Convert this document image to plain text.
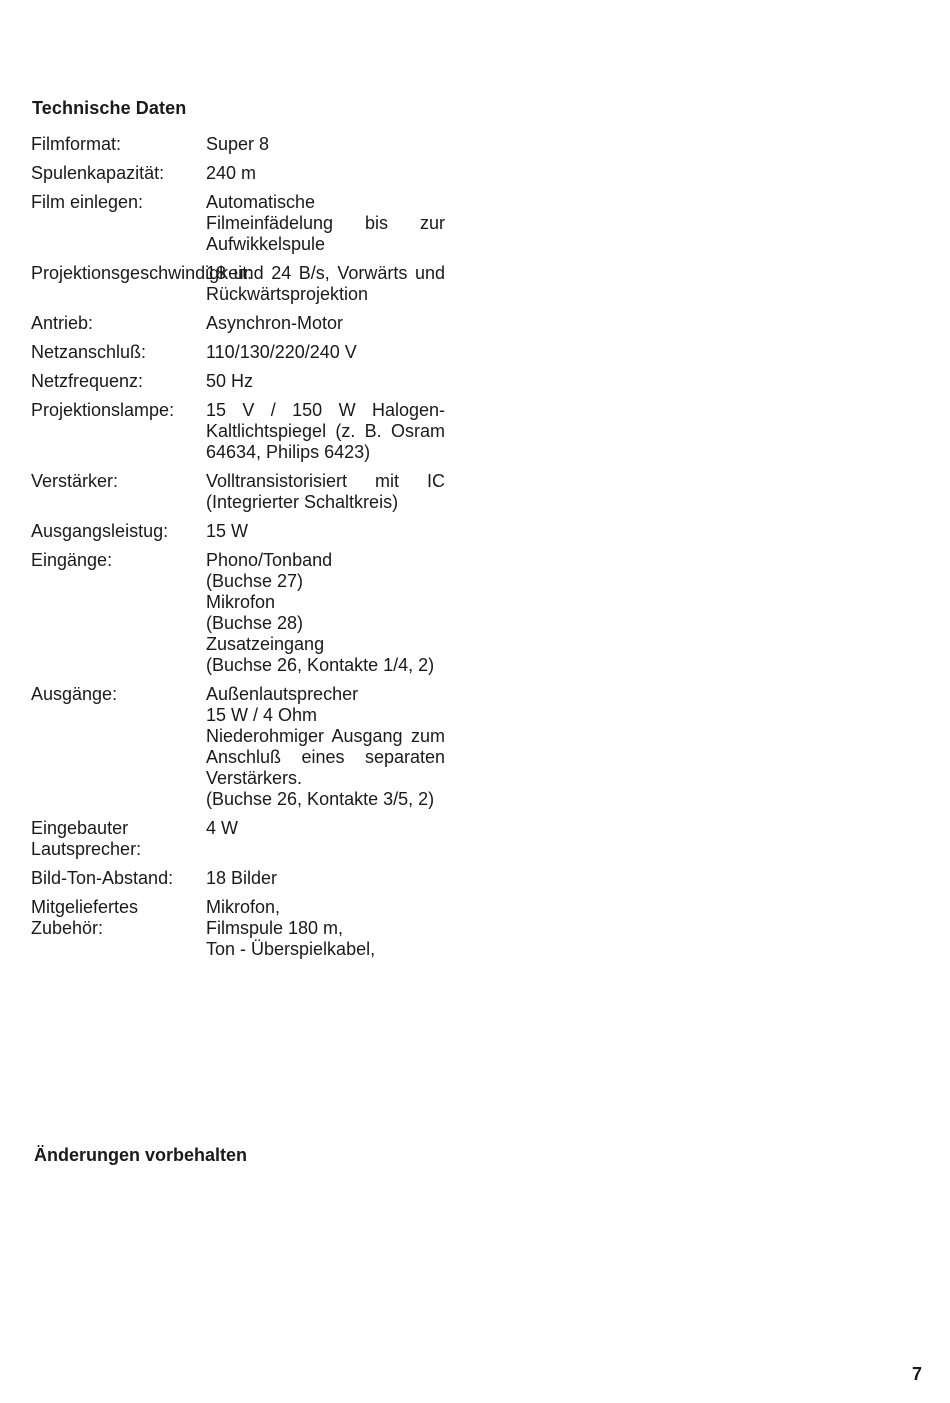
Technische Daten
Filmformat:	Super 8
Spulenkapazität:	240 m
Film einlegen:	Automatische Filmeinfädelung bis zur Aufwikkelspule
Projektionsgeschwindigkeit:
18 und 24 B/s, Vorwärts und Rückwärtsprojektion
Antrieb:	Asynchron-Motor
Netzanschluß:	110/130/220/240 V
Netzfrequenz:	50 Hz
Projektionslampe:	15 V / 150 W Halogen-Kaltlichtspiegel (z. B. Osram 64634, Philips 6423)
Verstärker:	Volltransistorisiert mit IC (Integrierter Schaltkreis)
Ausgangsleistug:	15 W
Eingänge:	Phono/Tonband
(Buchse 27)
Mikrofon
(Buchse 28)
Zusatzeingang
(Buchse 26, Kontakte 1/4, 2)
Ausgänge:	Außenlautsprecher
15 W / 4 Ohm
Niederohmiger Ausgang zum Anschluß eines separaten Verstärkers.
(Buchse 26, Kontakte 3/5, 2)
Eingebauter Lautsprecher:
4 W
Bild-Ton-Abstand:	18 Bilder
Mitgeliefertes Zubehör:
Mikrofon,
Filmspule 180 m,
Ton - Überspielkabel,
Änderungen vorbehalten
7
